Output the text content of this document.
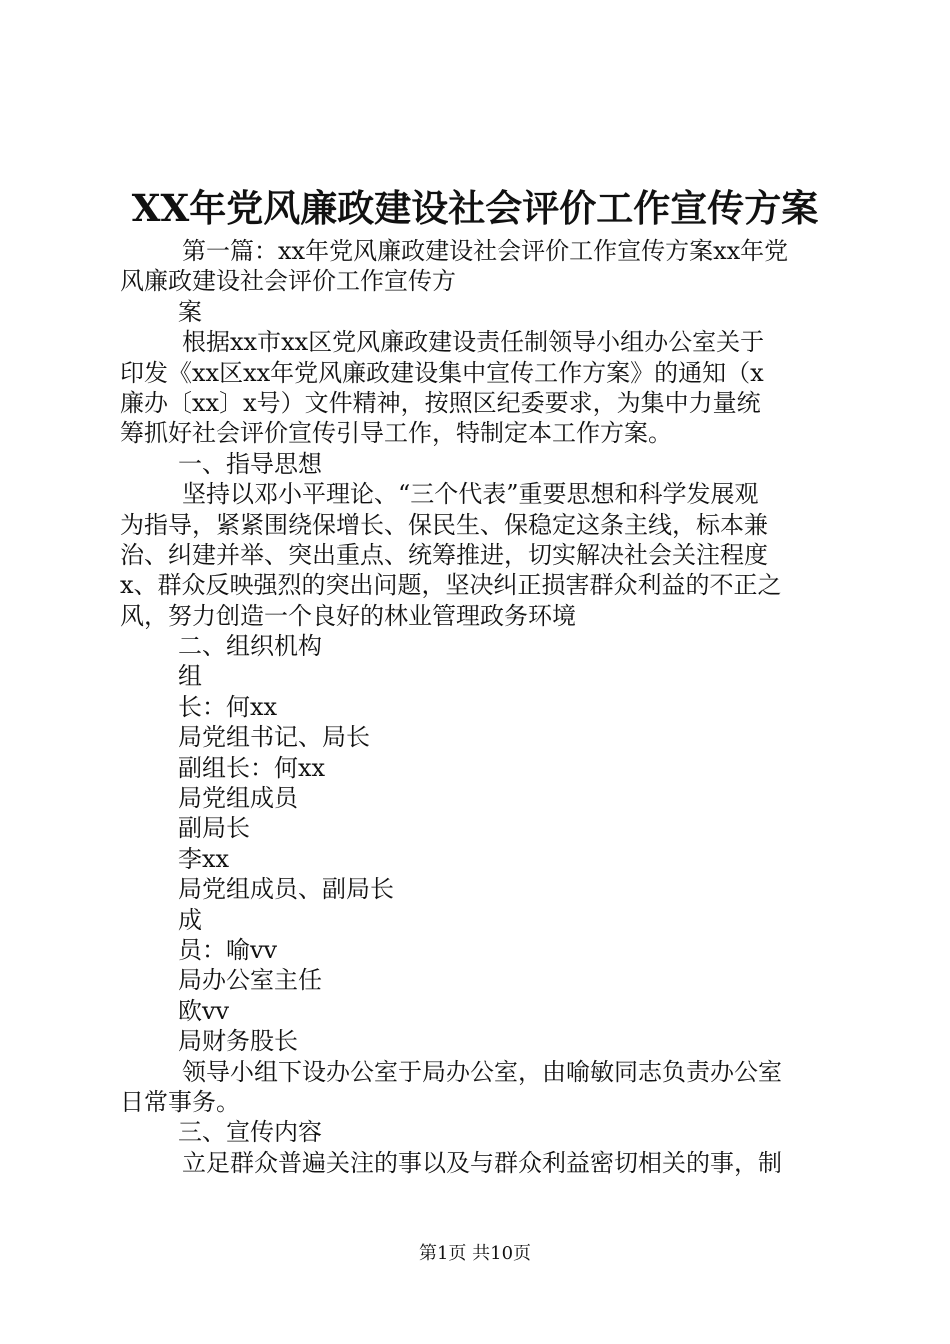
XX年党风廉政建设社会评价工作宣传方案
第一篇：xx年党风廉政建设社会评价工作宣传方案xx年党
风廉政建设社会评价工作宣传方
案
根据xx市xx区党风廉政建设责任制领导小组办公室关于
印发《xx区xx年党风廉政建设集中宣传工作方案》的通知（x
廉办〔xx〕x号）文件精神，按照区纪委要求，为集中力量统
筹抓好社会评价宣传引导工作，特制定本工作方案。
一、指导思想
坚持以邓小平理论、“三个代表”重要思想和科学发展观
为指导，紧紧围绕保增长、保民生、保稳定这条主线，标本兼
治、纠建并举、突出重点、统筹推进，切实解决社会关注程度
x、群众反映强烈的突出问题，坚决纠正损害群众利益的不正之
风，努力创造一个良好的林业管理政务环境
二、组织机构
组
长：何xx
局党组书记、局长
副组长：何xx
局党组成员
副局长
李xx
局党组成员、副局长
成
员：喻vv
局办公室主任
欧vv
局财务股长
领导小组下设办公室于局办公室，由喻敏同志负责办公室
日常事务。
三、宣传内容
立足群众普遍关注的事以及与群众利益密切相关的事，制
第1页 共10页
